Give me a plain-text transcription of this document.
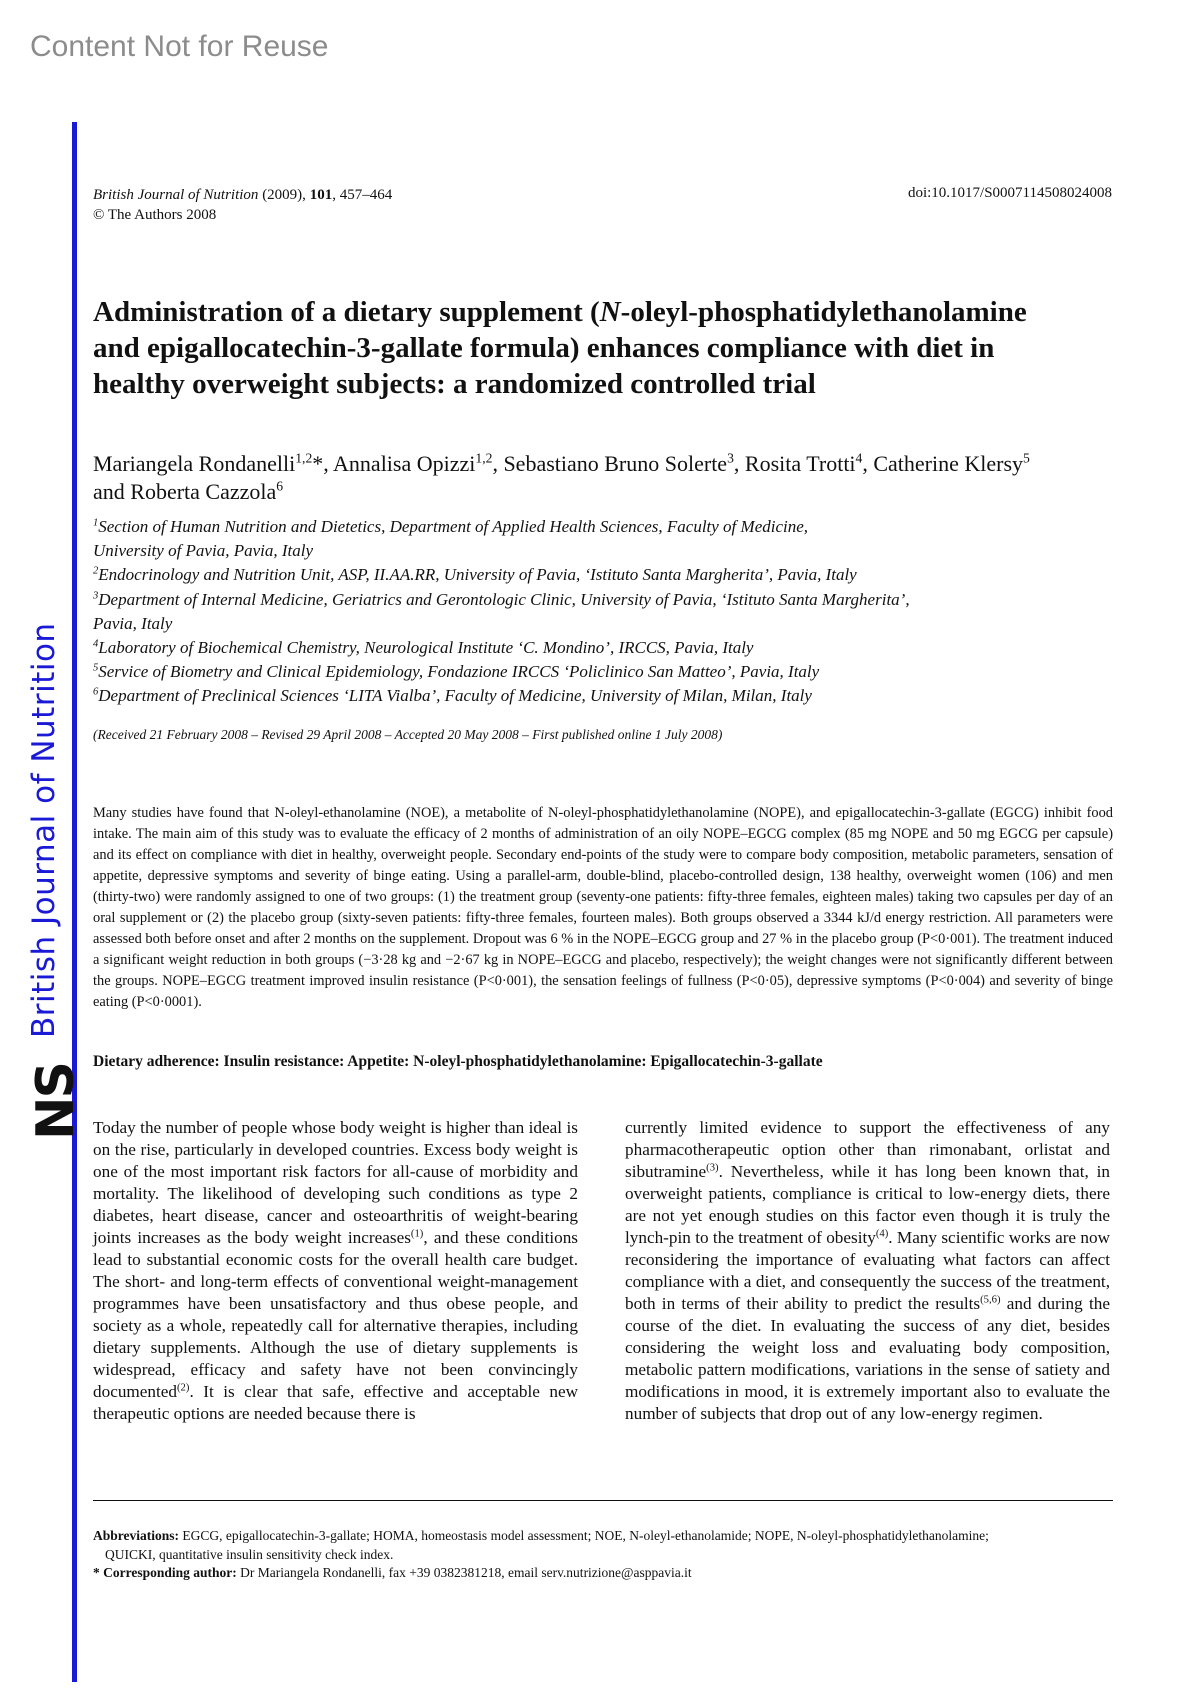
Content Not for Reuse
British Journal of Nutrition
NS
British Journal of Nutrition (2009), 101, 457–464
© The Authors 2008
doi:10.1017/S0007114508024008
Administration of a dietary supplement (N-oleyl-phosphatidylethanolamine
and epigallocatechin-3-gallate formula) enhances compliance with diet in
healthy overweight subjects: a randomized controlled trial
Mariangela Rondanelli$^{1,2}$*, Annalisa Opizzi$^{1,2}$, Sebastiano Bruno Solerte$^3$, Rosita Trotti$^4$, Catherine Klersy$^5$
and Roberta Cazzola$^6$
$^1$Section of Human Nutrition and Dietetics, Department of Applied Health Sciences, Faculty of Medicine,
University of Pavia, Pavia, Italy
$^2$Endocrinology and Nutrition Unit, ASP, II.AA.RR, University of Pavia, ‘Istituto Santa Margherita’, Pavia, Italy
$^3$Department of Internal Medicine, Geriatrics and Gerontologic Clinic, University of Pavia, ‘Istituto Santa Margherita’,
Pavia, Italy
$^4$Laboratory of Biochemical Chemistry, Neurological Institute ‘C. Mondino’, IRCCS, Pavia, Italy
$^5$Service of Biometry and Clinical Epidemiology, Fondazione IRCCS ‘Policlinico San Matteo’, Pavia, Italy
$^6$Department of Preclinical Sciences ‘LITA Vialba’, Faculty of Medicine, University of Milan, Milan, Italy
(Received 21 February 2008 – Revised 29 April 2008 – Accepted 20 May 2008 – First published online 1 July 2008)
Many studies have found that N-oleyl-ethanolamine (NOE), a metabolite of N-oleyl-phosphatidylethanolamine (NOPE), and epigallocatechin-3-gallate (EGCG) inhibit food intake. The main aim of this study was to evaluate the efficacy of 2 months of administration of an oily NOPE–EGCG complex (85 mg NOPE and 50 mg EGCG per capsule) and its effect on compliance with diet in healthy, overweight people. Secondary end-points of the study were to compare body composition, metabolic parameters, sensation of appetite, depressive symptoms and severity of binge eating. Using a parallel-arm, double-blind, placebo-controlled design, 138 healthy, overweight women (106) and men (thirty-two) were randomly assigned to one of two groups: (1) the treatment group (seventy-one patients: fifty-three females, eighteen males) taking two capsules per day of an oral supplement or (2) the placebo group (sixty-seven patients: fifty-three females, fourteen males). Both groups observed a 3344 kJ/d energy restriction. All parameters were assessed both before onset and after 2 months on the supplement. Dropout was 6 % in the NOPE–EGCG group and 27 % in the placebo group (P<0·001). The treatment induced a significant weight reduction in both groups (−3·28 kg and −2·67 kg in NOPE–EGCG and placebo, respectively); the weight changes were not significantly different between the groups. NOPE–EGCG treatment improved insulin resistance (P<0·001), the sensation feelings of fullness (P<0·05), depressive symptoms (P<0·004) and severity of binge eating (P<0·0001).
Dietary adherence: Insulin resistance: Appetite: N-oleyl-phosphatidylethanolamine: Epigallocatechin-3-gallate
Today the number of people whose body weight is higher than ideal is on the rise, particularly in developed countries. Excess body weight is one of the most important risk factors for all-cause of morbidity and mortality. The likelihood of developing such conditions as type 2 diabetes, heart disease, cancer and osteoarthritis of weight-bearing joints increases as the body weight increases$^{(1)}$, and these conditions lead to substantial economic costs for the overall health care budget. The short- and long-term effects of conventional weight-management programmes have been unsatisfactory and thus obese people, and society as a whole, repeatedly call for alternative therapies, including dietary supplements. Although the use of dietary supplements is widespread, efficacy and safety have not been convincingly documented$^{(2)}$. It is clear that safe, effective and acceptable new therapeutic options are needed because there is
currently limited evidence to support the effectiveness of any pharmacotherapeutic option other than rimonabant, orlistat and sibutramine$^{(3)}$. Nevertheless, while it has long been known that, in overweight patients, compliance is critical to low-energy diets, there are not yet enough studies on this factor even though it is truly the lynch-pin to the treatment of obesity$^{(4)}$. Many scientific works are now reconsidering the importance of evaluating what factors can affect compliance with a diet, and consequently the success of the treatment, both in terms of their ability to predict the results$^{(5,6)}$ and during the course of the diet. In evaluating the success of any diet, besides considering the weight loss and evaluating body composition, metabolic pattern modifications, variations in the sense of satiety and modifications in mood, it is extremely important also to evaluate the number of subjects that drop out of any low-energy regimen.
Abbreviations: EGCG, epigallocatechin-3-gallate; HOMA, homeostasis model assessment; NOE, N-oleyl-ethanolamide; NOPE, N-oleyl-phosphatidylethanolamine;
QUICKI, quantitative insulin sensitivity check index.
* Corresponding author: Dr Mariangela Rondanelli, fax +39 0382381218, email serv.nutrizione@asppavia.it
